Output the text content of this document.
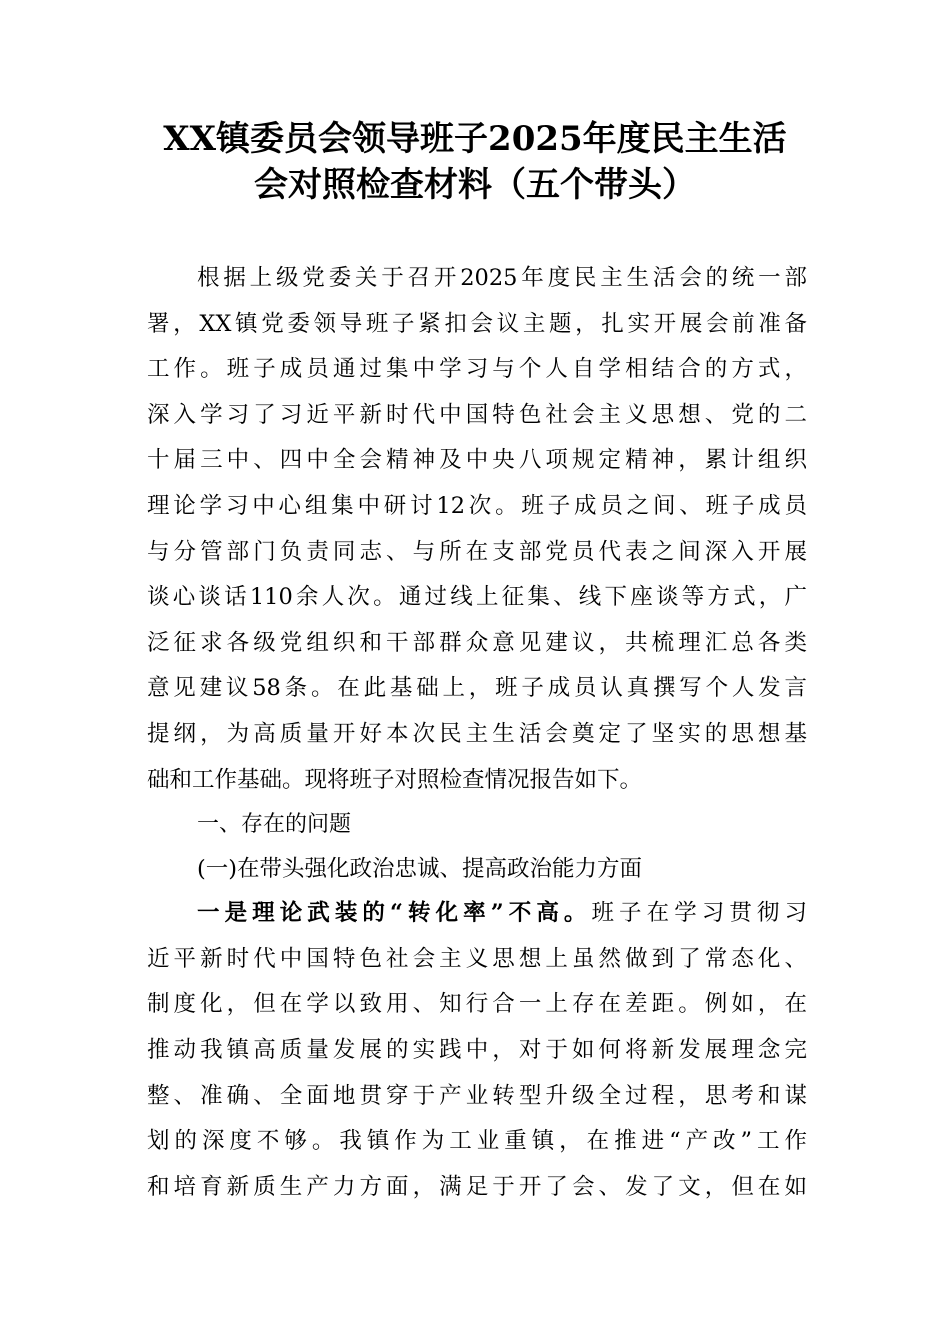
XX镇委员会领导班子2025年度民主生活
会对照检查材料（五个带头）
根据上级党委关于召开2025年度民主生活会的统一部
署，XX镇党委领导班子紧扣会议主题，扎实开展会前准备
工作。班子成员通过集中学习与个人自学相结合的方式，
深入学习了习近平新时代中国特色社会主义思想、党的二
十届三中、四中全会精神及中央八项规定精神，累计组织
理论学习中心组集中研讨12次。班子成员之间、班子成员
与分管部门负责同志、与所在支部党员代表之间深入开展
谈心谈话110余人次。通过线上征集、线下座谈等方式，广
泛征求各级党组织和干部群众意见建议，共梳理汇总各类
意见建议58条。在此基础上，班子成员认真撰写个人发言
提纲，为高质量开好本次民主生活会奠定了坚实的思想基
础和工作基础。现将班子对照检查情况报告如下。
一、存在的问题
(一)在带头强化政治忠诚、提高政治能力方面
一是理论武装的“转化率”不高。班子在学习贯彻习
近平新时代中国特色社会主义思想上虽然做到了常态化、
制度化，但在学以致用、知行合一上存在差距。例如，在
推动我镇高质量发展的实践中，对于如何将新发展理念完
整、准确、全面地贯穿于产业转型升级全过程，思考和谋
划的深度不够。我镇作为工业重镇，在推进“产改”工作
和培育新质生产力方面，满足于开了会、发了文，但在如
